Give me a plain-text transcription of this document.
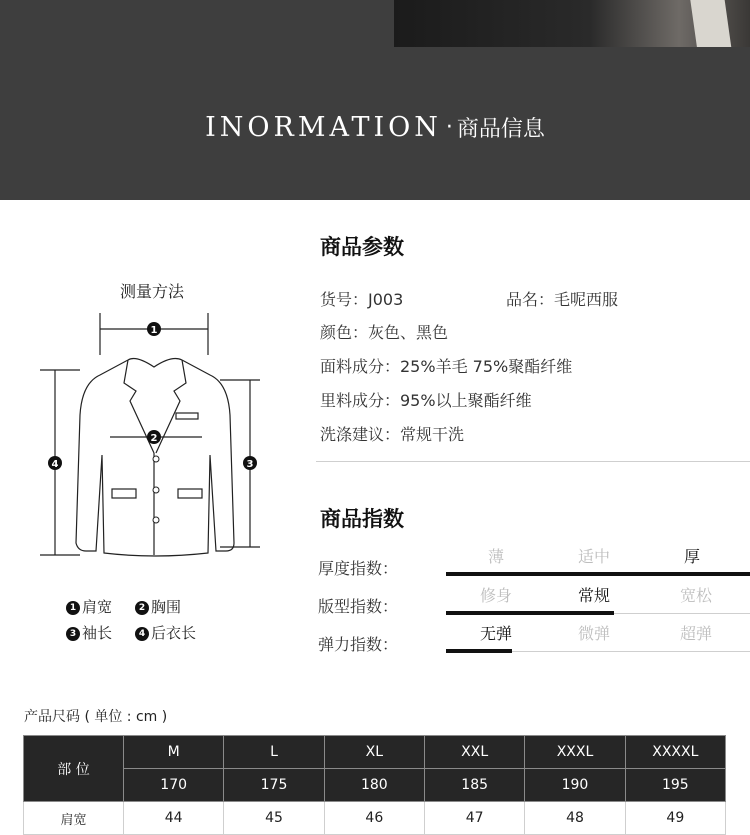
INORMATION · 商品信息
测量方法
1
2
3
4
1 肩宽	2 胸围
3 袖长	4 后衣长
商品参数
货号：J003	品名：毛呢西服
颜色：灰色、黑色
面料成分：25%羊毛 75%聚酯纤维
里料成分：95%以上聚酯纤维
洗涤建议：常规干洗
商品指数
厚度指数：
薄	适中	厚
版型指数：
修身	常规	宽松
弹力指数：
无弹	微弹	超弹
产品尺码 ( 单位 : cm )
部 位	M	L	XL	XXL	XXXL	XXXXL
	170	175	180	185	190	195
肩宽	44	45	46	47	48	49
